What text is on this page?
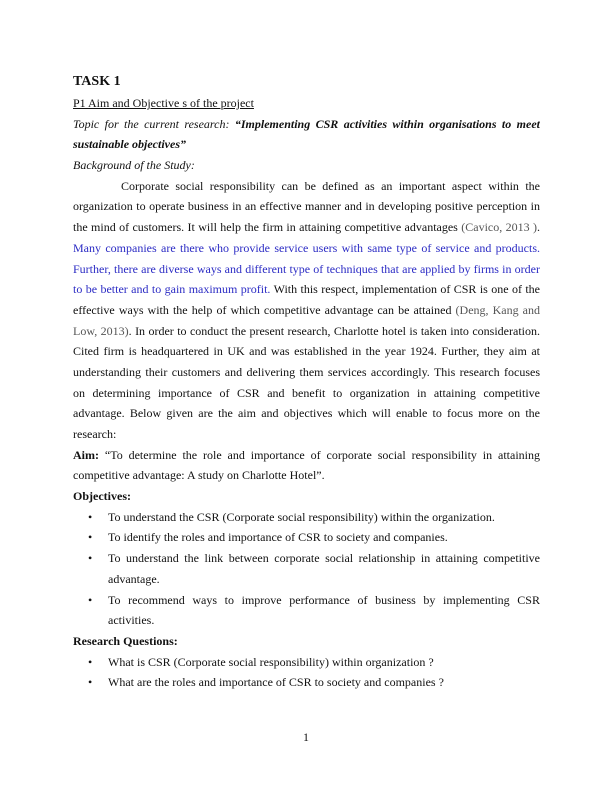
TASK 1
P1 Aim and Objective s of the project
Topic for the current research: “Implementing CSR activities within organisations to meet
sustainable objectives”
Background of the Study:
Corporate social responsibility can be defined as an important aspect within the
organization to operate business in an effective manner and in developing positive perception in
the mind of customers. It will help the firm in attaining competitive advantages (Cavico, 2013 ).
Many companies are there who provide service users with same type of service and products.
Further, there are diverse ways and different type of techniques that are applied by firms in order
to be better and to gain maximum profit. With this respect, implementation of CSR is one of the
effective ways with the help of which competitive advantage can be attained (Deng, Kang and
Low, 2013). In order to conduct the present research, Charlotte hotel is taken into consideration.
Cited firm is headquartered in UK and was established in the year 1924. Further, they aim at
understanding their customers and delivering them services accordingly. This research focuses
on determining importance of CSR and benefit to organization in attaining competitive
advantage. Below given are the aim and objectives which will enable to focus more on the
research:
Aim: “To determine the role and importance of corporate social responsibility in attaining
competitive advantage: A study on Charlotte Hotel”.
Objectives:
• To understand the CSR (Corporate social responsibility) within the organization.
• To identify the roles and importance of CSR to society and companies.
• To understand the link between corporate social relationship in attaining competitive
advantage.
• To recommend ways to improve performance of business by implementing CSR
activities.
Research Questions:
• What is CSR (Corporate social responsibility) within organization ?
• What are the roles and importance of CSR to society and companies ?
1
